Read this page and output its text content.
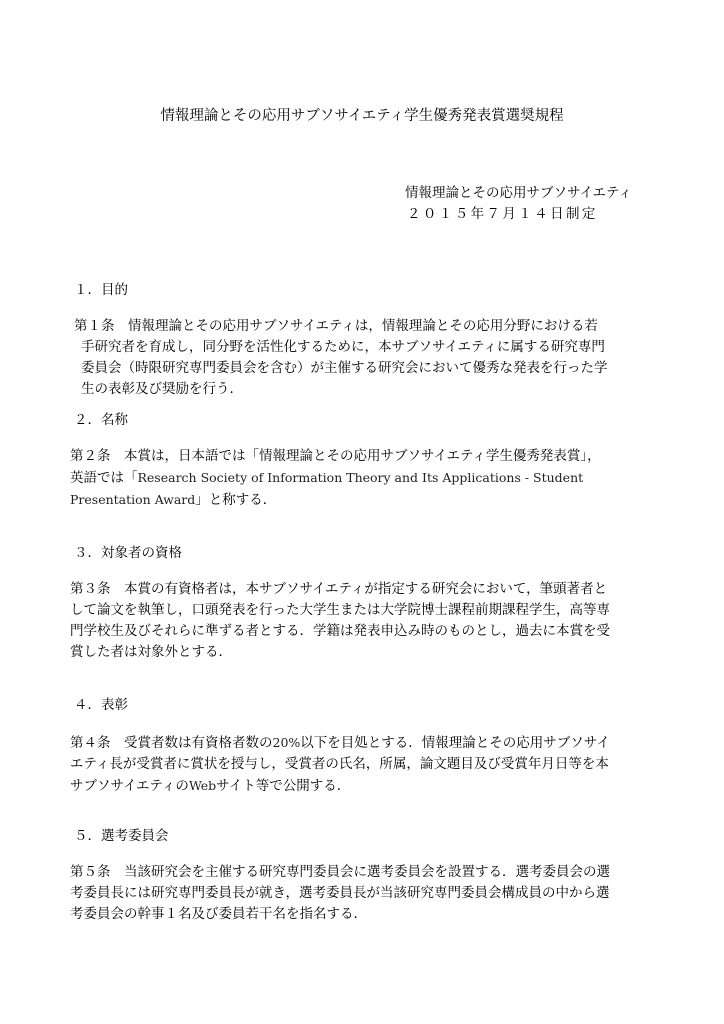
情報理論とその応用サブソサイエティ学生優秀発表賞選奨規程
情報理論とその応用サブソサイエティ
２０１５年７月１４日制定
１．目的
第１条　情報理論とその応用サブソサイエティは，情報理論とその応用分野における若
手研究者を育成し，同分野を活性化するために，本サブソサイエティに属する研究専門
委員会（時限研究専門委員会を含む）が主催する研究会において優秀な発表を行った学
生の表彰及び奨励を行う．
２．名称
第２条　本賞は，日本語では「情報理論とその応用サブソサイエティ学生優秀発表賞」，
英語では「Research Society of Information Theory and Its Applications - Student
Presentation Award」と称する．
３．対象者の資格
第３条　本賞の有資格者は，本サブソサイエティが指定する研究会において，筆頭著者と
して論文を執筆し，口頭発表を行った大学生または大学院博士課程前期課程学生，高等専
門学校生及びそれらに準ずる者とする．学籍は発表申込み時のものとし，過去に本賞を受
賞した者は対象外とする．
４．表彰
第４条　受賞者数は有資格者数の20%以下を目処とする．情報理論とその応用サブソサイ
エティ長が受賞者に賞状を授与し，受賞者の氏名，所属，論文題目及び受賞年月日等を本
サブソサイエティのWebサイト等で公開する．
５．選考委員会
第５条　当該研究会を主催する研究専門委員会に選考委員会を設置する．選考委員会の選
考委員長には研究専門委員長が就き，選考委員長が当該研究専門委員会構成員の中から選
考委員会の幹事１名及び委員若干名を指名する．
